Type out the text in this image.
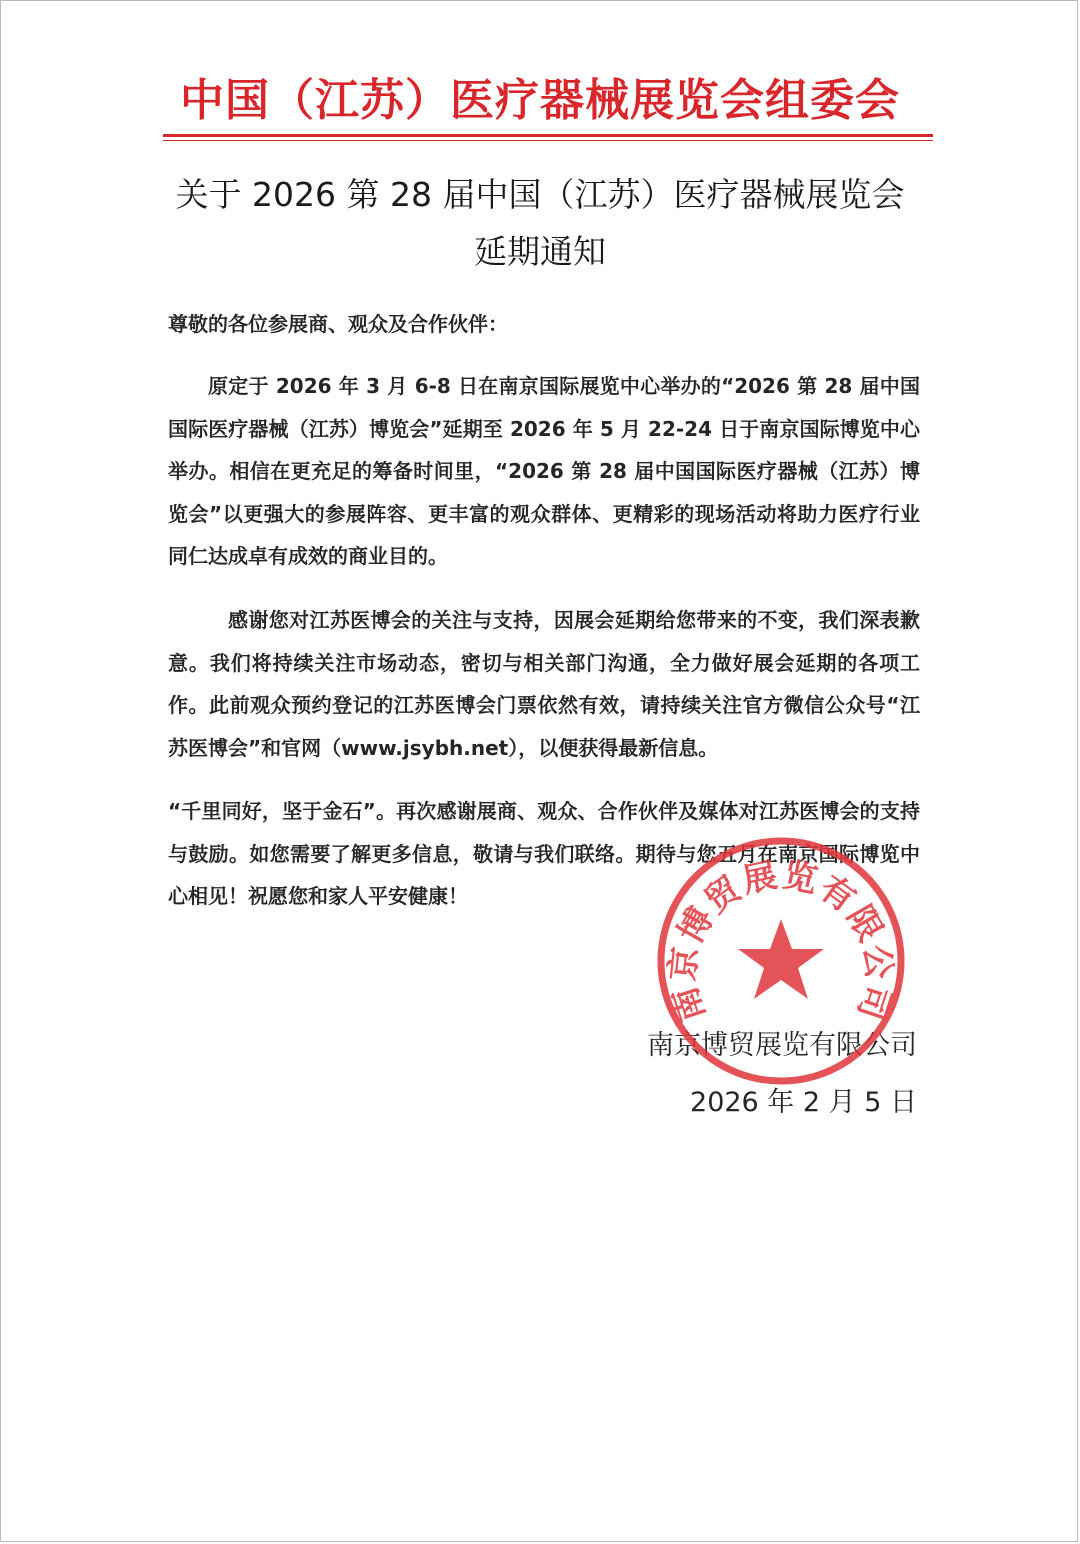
中国（江苏）医疗器械展览会组委会
关于 2026 第 28 届中国（江苏）医疗器械展览会
延期通知

尊敬的各位参展商、观众及合作伙伴：

原定于 2026 年 3 月 6-8 日在南京国际展览中心举办的“2026 第 28 届中国国际医疗器械（江苏）博览会”延期至 2026 年 5 月 22-24 日于南京国际博览中心举办。相信在更充足的筹备时间里，“2026 第 28 届中国国际医疗器械（江苏）博览会”以更强大的参展阵容、更丰富的观众群体、更精彩的现场活动将助力医疗行业同仁达成卓有成效的商业目的。

感谢您对江苏医博会的关注与支持，因展会延期给您带来的不变，我们深表歉意。我们将持续关注市场动态，密切与相关部门沟通，全力做好展会延期的各项工作。此前观众预约登记的江苏医博会门票依然有效，请持续关注官方微信公众号“江苏医博会”和官网（www.jsybh.net），以便获得最新信息。

“千里同好，坚于金石”。再次感谢展商、观众、合作伙伴及媒体对江苏医博会的支持与鼓励。如您需要了解更多信息，敬请与我们联络。期待与您五月在南京国际博览中心相见！祝愿您和家人平安健康！

南京博贸展览有限公司
2026 年 2 月 5 日
南京博贸展览有限公司
